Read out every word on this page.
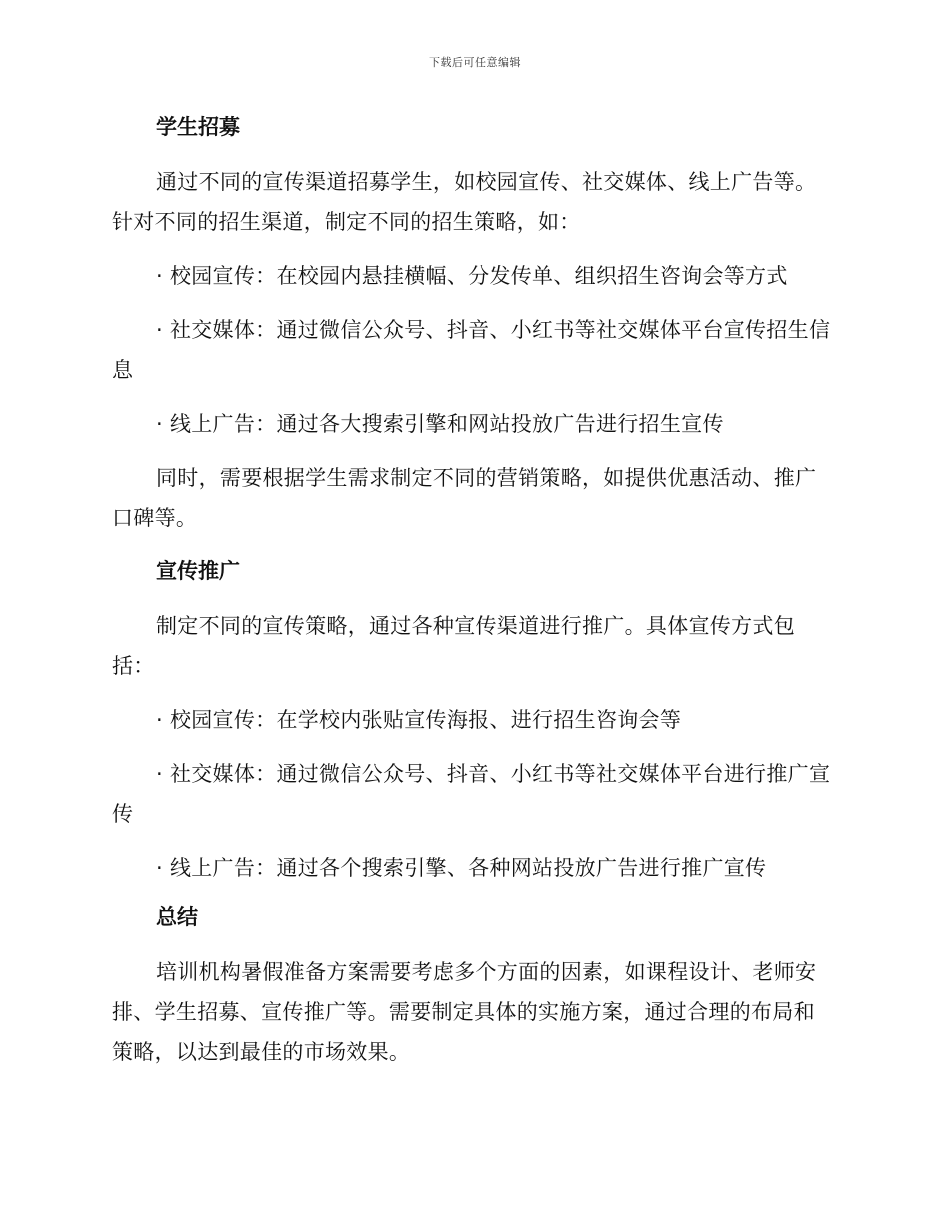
下载后可任意编辑
学生招募

通过不同的宣传渠道招募学生，如校园宣传、社交媒体、线上广告等。针对不同的招生渠道，制定不同的招生策略，如：

· 校园宣传：在校园内悬挂横幅、分发传单、组织招生咨询会等方式

· 社交媒体：通过微信公众号、抖音、小红书等社交媒体平台宣传招生信息

· 线上广告：通过各大搜索引擎和网站投放广告进行招生宣传

同时，需要根据学生需求制定不同的营销策略，如提供优惠活动、推广口碑等。

宣传推广

制定不同的宣传策略，通过各种宣传渠道进行推广。具体宣传方式包括：

· 校园宣传：在学校内张贴宣传海报、进行招生咨询会等

· 社交媒体：通过微信公众号、抖音、小红书等社交媒体平台进行推广宣传

· 线上广告：通过各个搜索引擎、各种网站投放广告进行推广宣传

总结

培训机构暑假准备方案需要考虑多个方面的因素，如课程设计、老师安排、学生招募、宣传推广等。需要制定具体的实施方案，通过合理的布局和策略，以达到最佳的市场效果。
